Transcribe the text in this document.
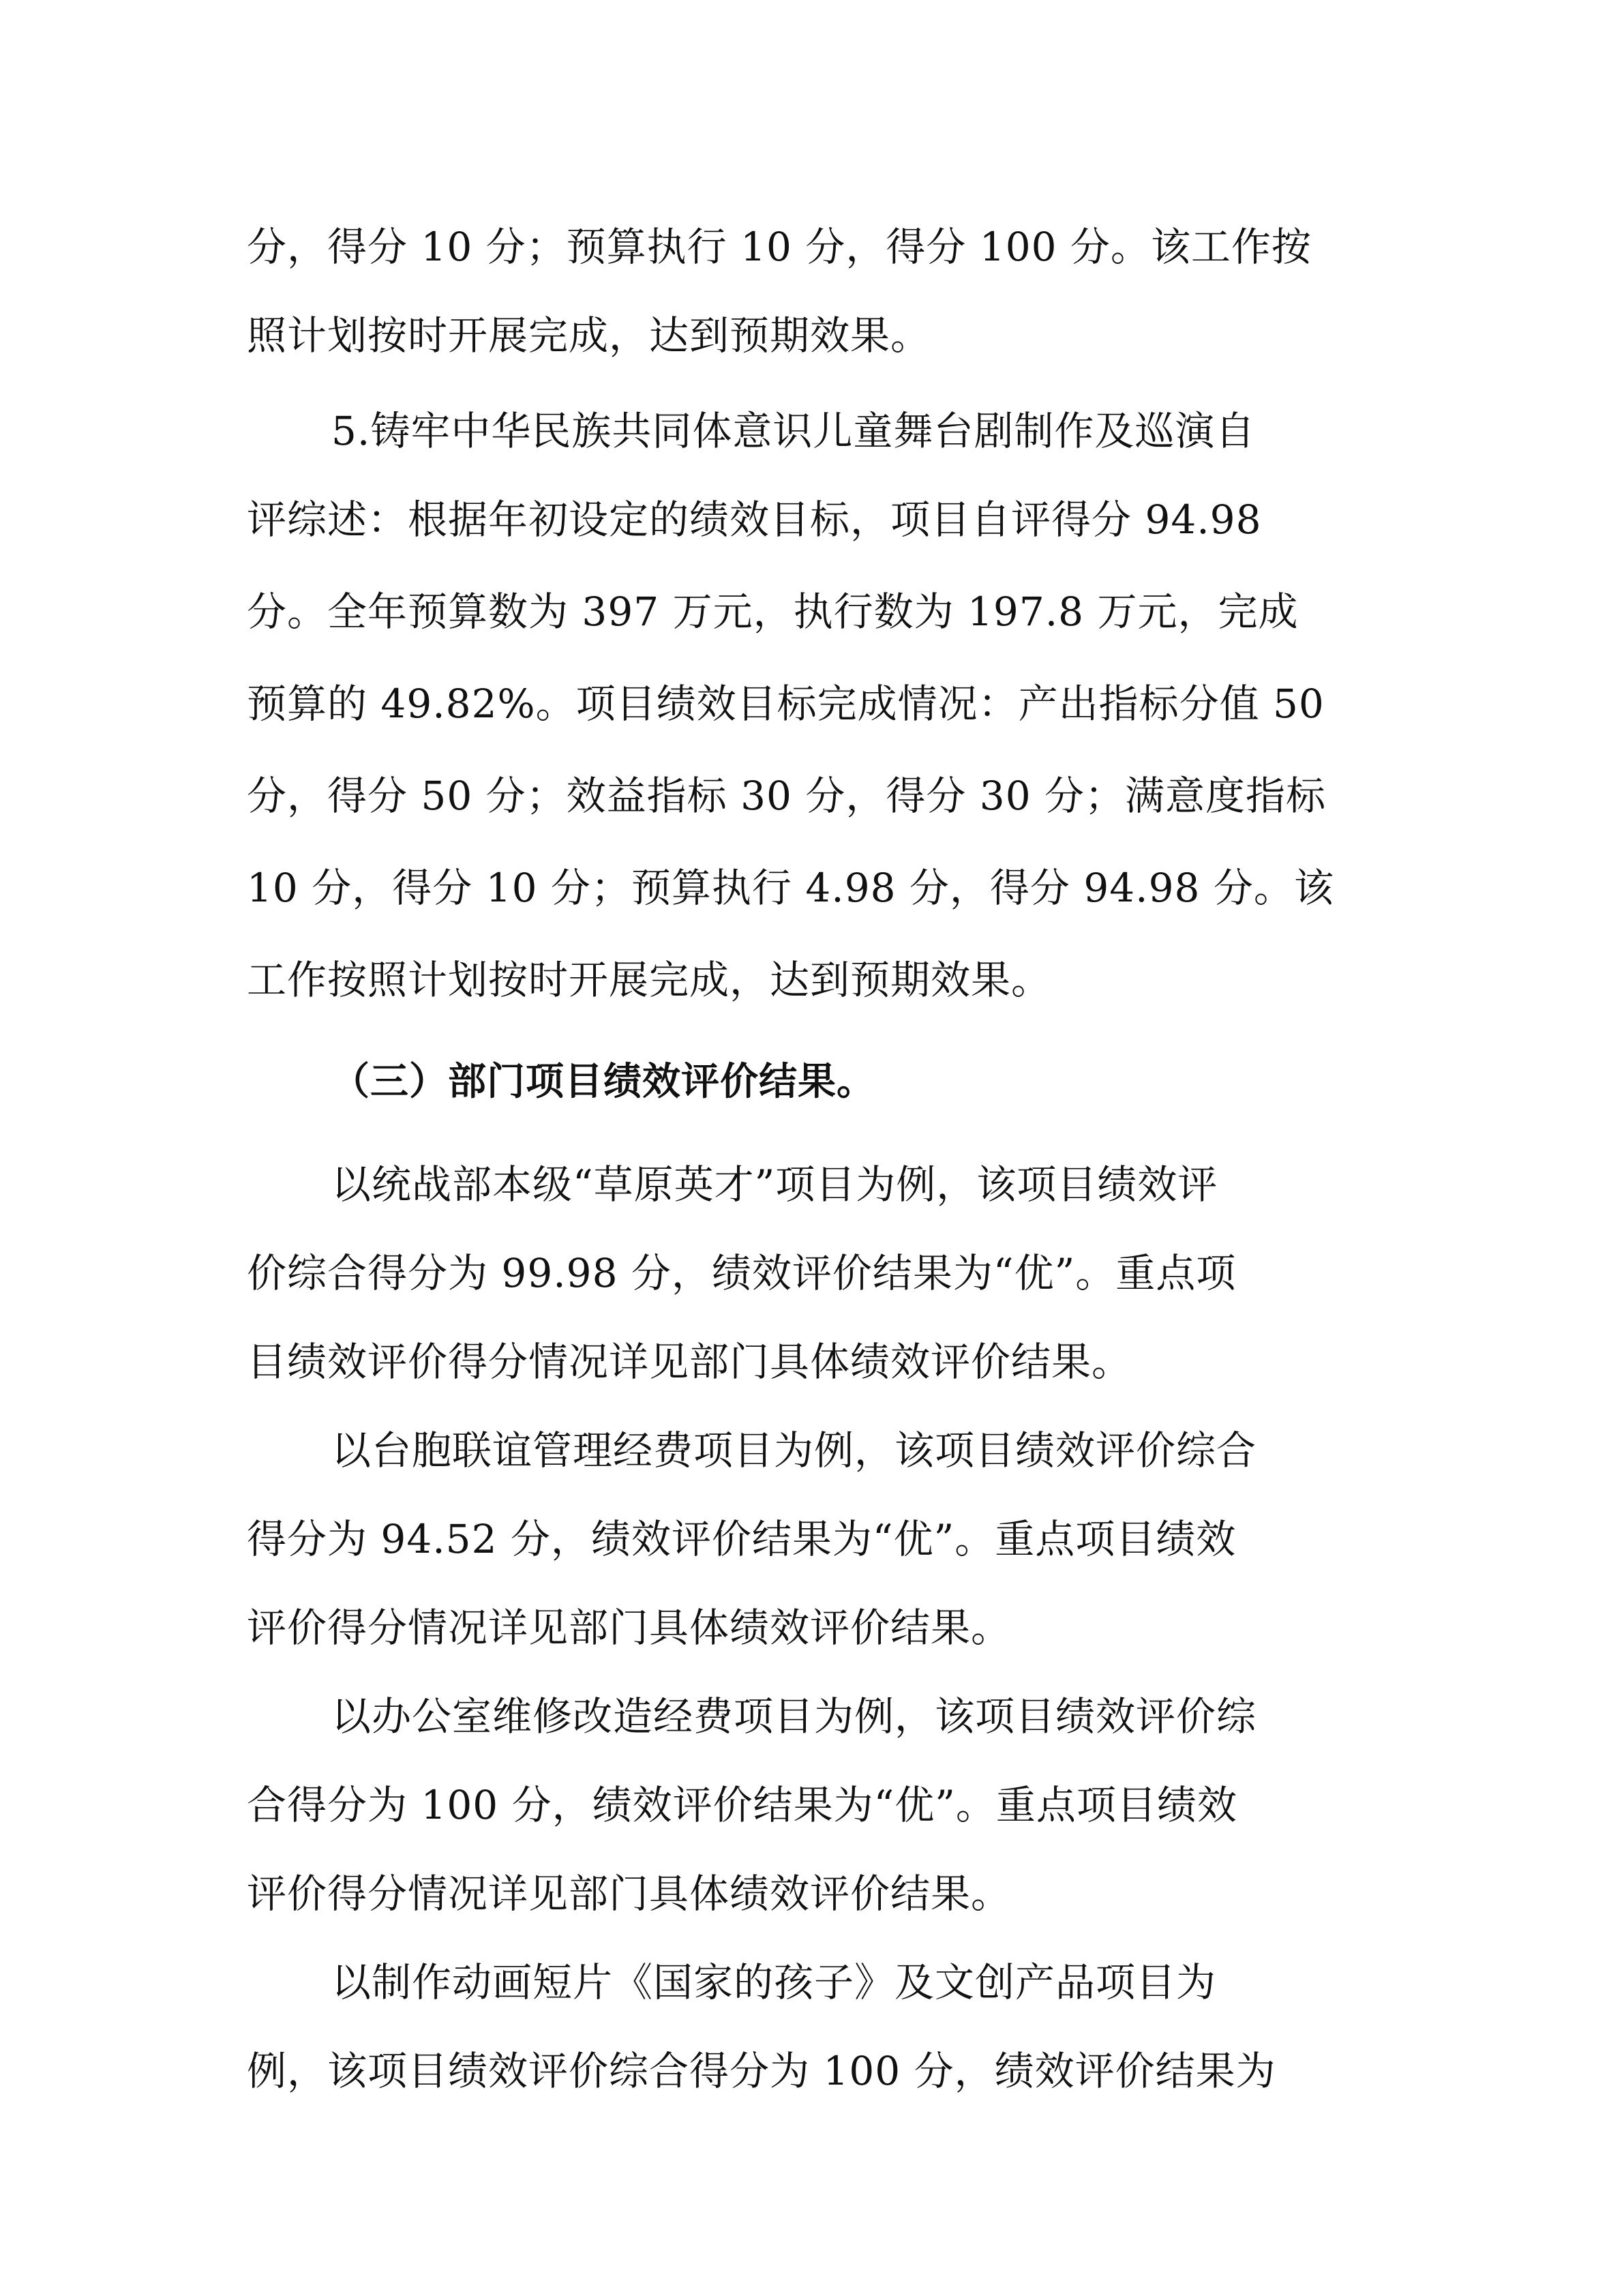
分，得分 10 分；预算执行 10 分，得分 100 分。该工作按
照计划按时开展完成，达到预期效果。
5.铸牢中华民族共同体意识儿童舞台剧制作及巡演自
评综述：根据年初设定的绩效目标，项目自评得分 94.98
分。全年预算数为 397 万元，执行数为 197.8 万元，完成
预算的 49.82%。项目绩效目标完成情况：产出指标分值 50
分，得分 50 分；效益指标 30 分，得分 30 分；满意度指标
10 分，得分 10 分；预算执行 4.98 分，得分 94.98 分。该
工作按照计划按时开展完成，达到预期效果。
（三）部门项目绩效评价结果。
以统战部本级“草原英才”项目为例，该项目绩效评
价综合得分为 99.98 分，绩效评价结果为“优”。重点项
目绩效评价得分情况详见部门具体绩效评价结果。
以台胞联谊管理经费项目为例，该项目绩效评价综合
得分为 94.52 分，绩效评价结果为“优”。重点项目绩效
评价得分情况详见部门具体绩效评价结果。
以办公室维修改造经费项目为例，该项目绩效评价综
合得分为 100 分，绩效评价结果为“优”。重点项目绩效
评价得分情况详见部门具体绩效评价结果。
以制作动画短片《国家的孩子》及文创产品项目为
例，该项目绩效评价综合得分为 100 分，绩效评价结果为
